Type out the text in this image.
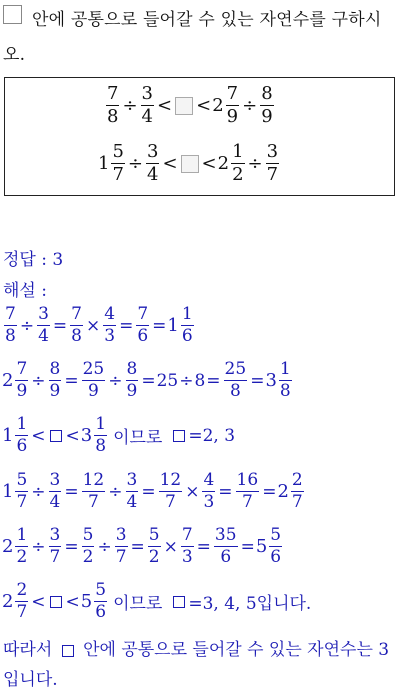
안에 공통으로 들어갈 수 있는 자연수를 구하시
오.
$\frac{7}{8} \div \frac{3}{4}$ < < $2 \frac{7}{9} \div \frac{8}{9}$
$1 \frac{5}{7} \div \frac{3}{4}$ < < $2 \frac{1}{2} \div \frac{3}{7}$
정답 : 3
해설 :
$\frac{7}{8} \div \frac{3}{4} = \frac{7}{8} \times \frac{4}{3} = \frac{7}{6} = 1 \frac{1}{6}$
$2 \frac{7}{9} \div \frac{8}{9} = \frac{25}{9} \div \frac{8}{9} = 25 \div 8 = \frac{25}{8} = 3 \frac{1}{8}$
$1 \frac{1}{6}$ < < $3 \frac{1}{8}$ 이므로 =2, 3
$1 \frac{5}{7} \div \frac{3}{4} = \frac{12}{7} \div \frac{3}{4} = \frac{12}{7} \times \frac{4}{3} = \frac{16}{7} = 2 \frac{2}{7}$
$2 \frac{1}{2} \div \frac{3}{7} = \frac{5}{2} \div \frac{3}{7} = \frac{5}{2} \times \frac{7}{3} = \frac{35}{6} = 5 \frac{5}{6}$
$2 \frac{2}{7}$ < < $5 \frac{5}{6}$ 이므로 =3, 4, 5입니다.
따라서 안에 공통으로 들어갈 수 있는 자연수는 3
입니다.
